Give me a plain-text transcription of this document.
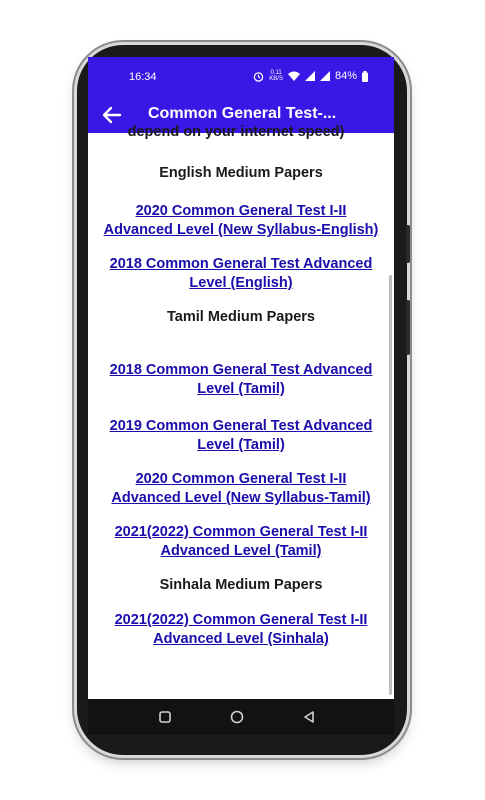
16:34	0.11
KB/S	84%
Common General Test-...
depend on your internet speed)
English Medium Papers
2020 Common General Test I-II
Advanced Level (New Syllabus-English)
2018 Common General Test Advanced
Level (English)
Tamil Medium Papers
2018 Common General Test Advanced
Level (Tamil)
2019 Common General Test Advanced
Level (Tamil)
2020 Common General Test I-II
Advanced Level (New Syllabus-Tamil)
2021(2022) Common General Test I-II
Advanced Level (Tamil)
Sinhala Medium Papers
2021(2022) Common General Test I-II
Advanced Level (Sinhala)
